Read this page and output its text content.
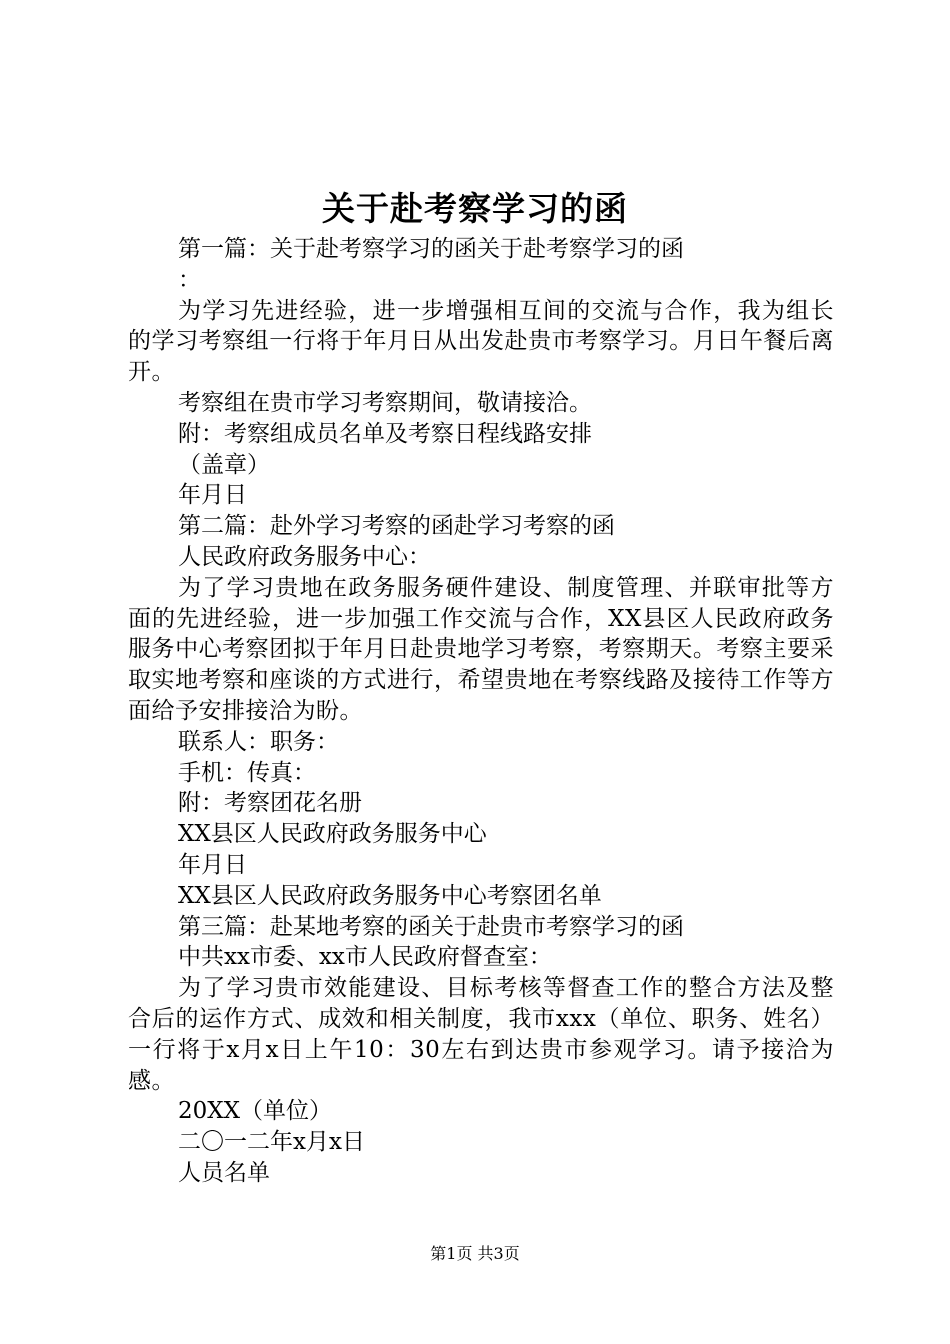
关于赴考察学习的函
第一篇：关于赴考察学习的函关于赴考察学习的函
：
为学习先进经验，进一步增强相互间的交流与合作，我为组长的学习考察组一行将于年月日从出发赴贵市考察学习。月日午餐后离开。
考察组在贵市学习考察期间，敬请接洽。
附：考察组成员名单及考察日程线路安排
（盖章）
年月日
第二篇：赴外学习考察的函赴学习考察的函
人民政府政务服务中心：
为了学习贵地在政务服务硬件建设、制度管理、并联审批等方面的先进经验，进一步加强工作交流与合作，XX县区人民政府政务服务中心考察团拟于年月日赴贵地学习考察，考察期天。考察主要采取实地考察和座谈的方式进行，希望贵地在考察线路及接待工作等方面给予安排接洽为盼。
联系人：职务：
手机：传真：
附：考察团花名册
XX县区人民政府政务服务中心
年月日
XX县区人民政府政务服务中心考察团名单
第三篇：赴某地考察的函关于赴贵市考察学习的函
中共xx市委、xx市人民政府督查室：
为了学习贵市效能建设、目标考核等督查工作的整合方法及整合后的运作方式、成效和相关制度，我市xxx（单位、职务、姓名）一行将于x月x日上午10：30左右到达贵市参观学习。请予接洽为感。
20XX（单位）
二〇一二年x月x日
人员名单
第1页 共3页
